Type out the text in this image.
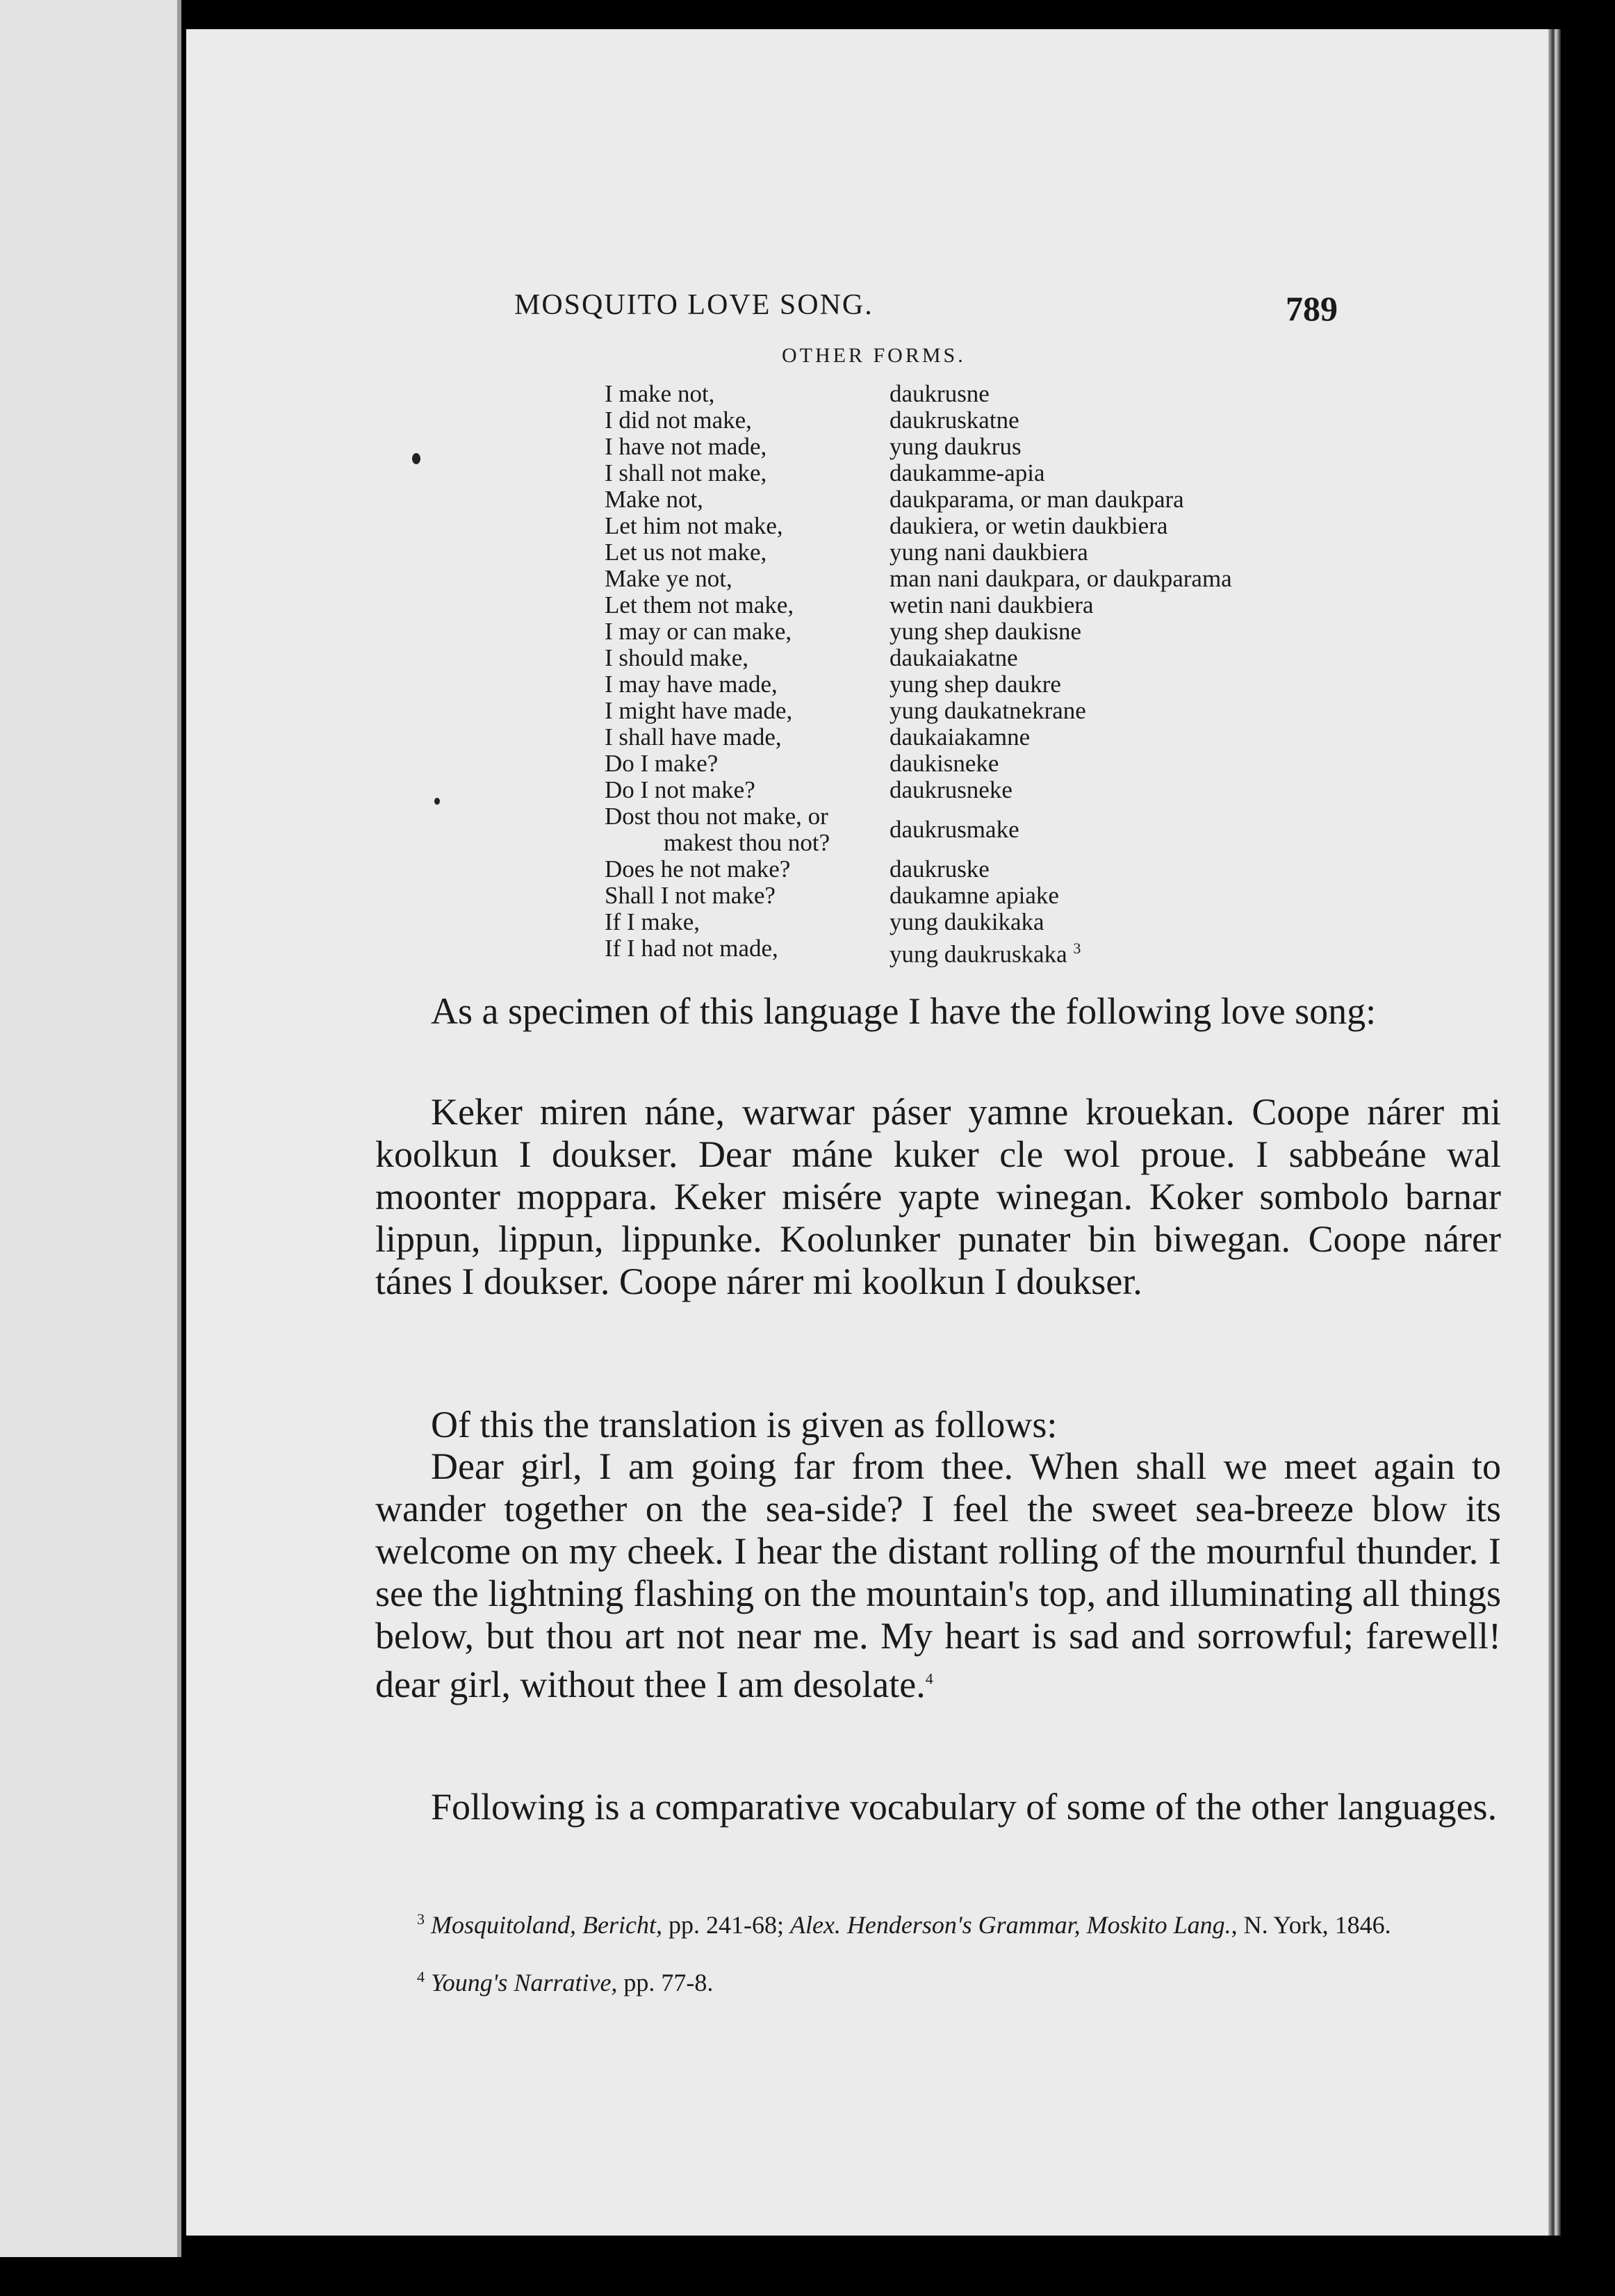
MOSQUITO LOVE SONG.	789
OTHER FORMS.
I make not,	daukrusne
I did not make,	daukruskatne
I have not made,	yung daukrus
I shall not make,	daukamme-apia
Make not,	daukparama, or man daukpara
Let him not make,	daukiera, or wetin daukbiera
Let us not make,	yung nani daukbiera
Make ye not,	man nani daukpara, or daukparama
Let them not make,	wetin nani daukbiera
I may or can make,	yung shep daukisne
I should make,	daukaiakatne
I may have made,	yung shep daukre
I might have made,	yung daukatnekrane
I shall have made,	daukaiakamne
Do I make?	daukisneke
Do I not make?	daukrusneke
Dost thou not make, or
makest thou not?	daukrusmake
Does he not make?	daukruske
Shall I not make?	daukamne apiake
If I make,	yung daukikaka
If I had not made,	yung daukruskaka $^3$
As a specimen of this language I have the following love song:
Keker miren náne, warwar páser yamne krouekan. Coope nárer mi koolkun I doukser. Dear máne kuker cle wol proue. I sabbeáne wal moonter moppara. Keker misére yapte winegan. Koker sombolo barnar lippun, lippun, lippunke. Koolunker punater bin biwegan. Coope nárer tánes I doukser. Coope nárer mi koolkun I doukser.
Of this the translation is given as follows:
Dear girl, I am going far from thee. When shall we meet again to wander together on the sea-side? I feel the sweet sea-breeze blow its welcome on my cheek. I hear the distant rolling of the mournful thunder. I see the lightning flashing on the mountain's top, and illuminating all things below, but thou art not near me. My heart is sad and sorrowful; farewell! dear girl, without thee I am desolate.$^4$
Following is a comparative vocabulary of some of the other languages.
$^3$ Mosquitoland, Bericht, pp. 241-68; Alex. Henderson's Grammar, Moskito Lang., N. York, 1846.
$^4$ Young's Narrative, pp. 77-8.
